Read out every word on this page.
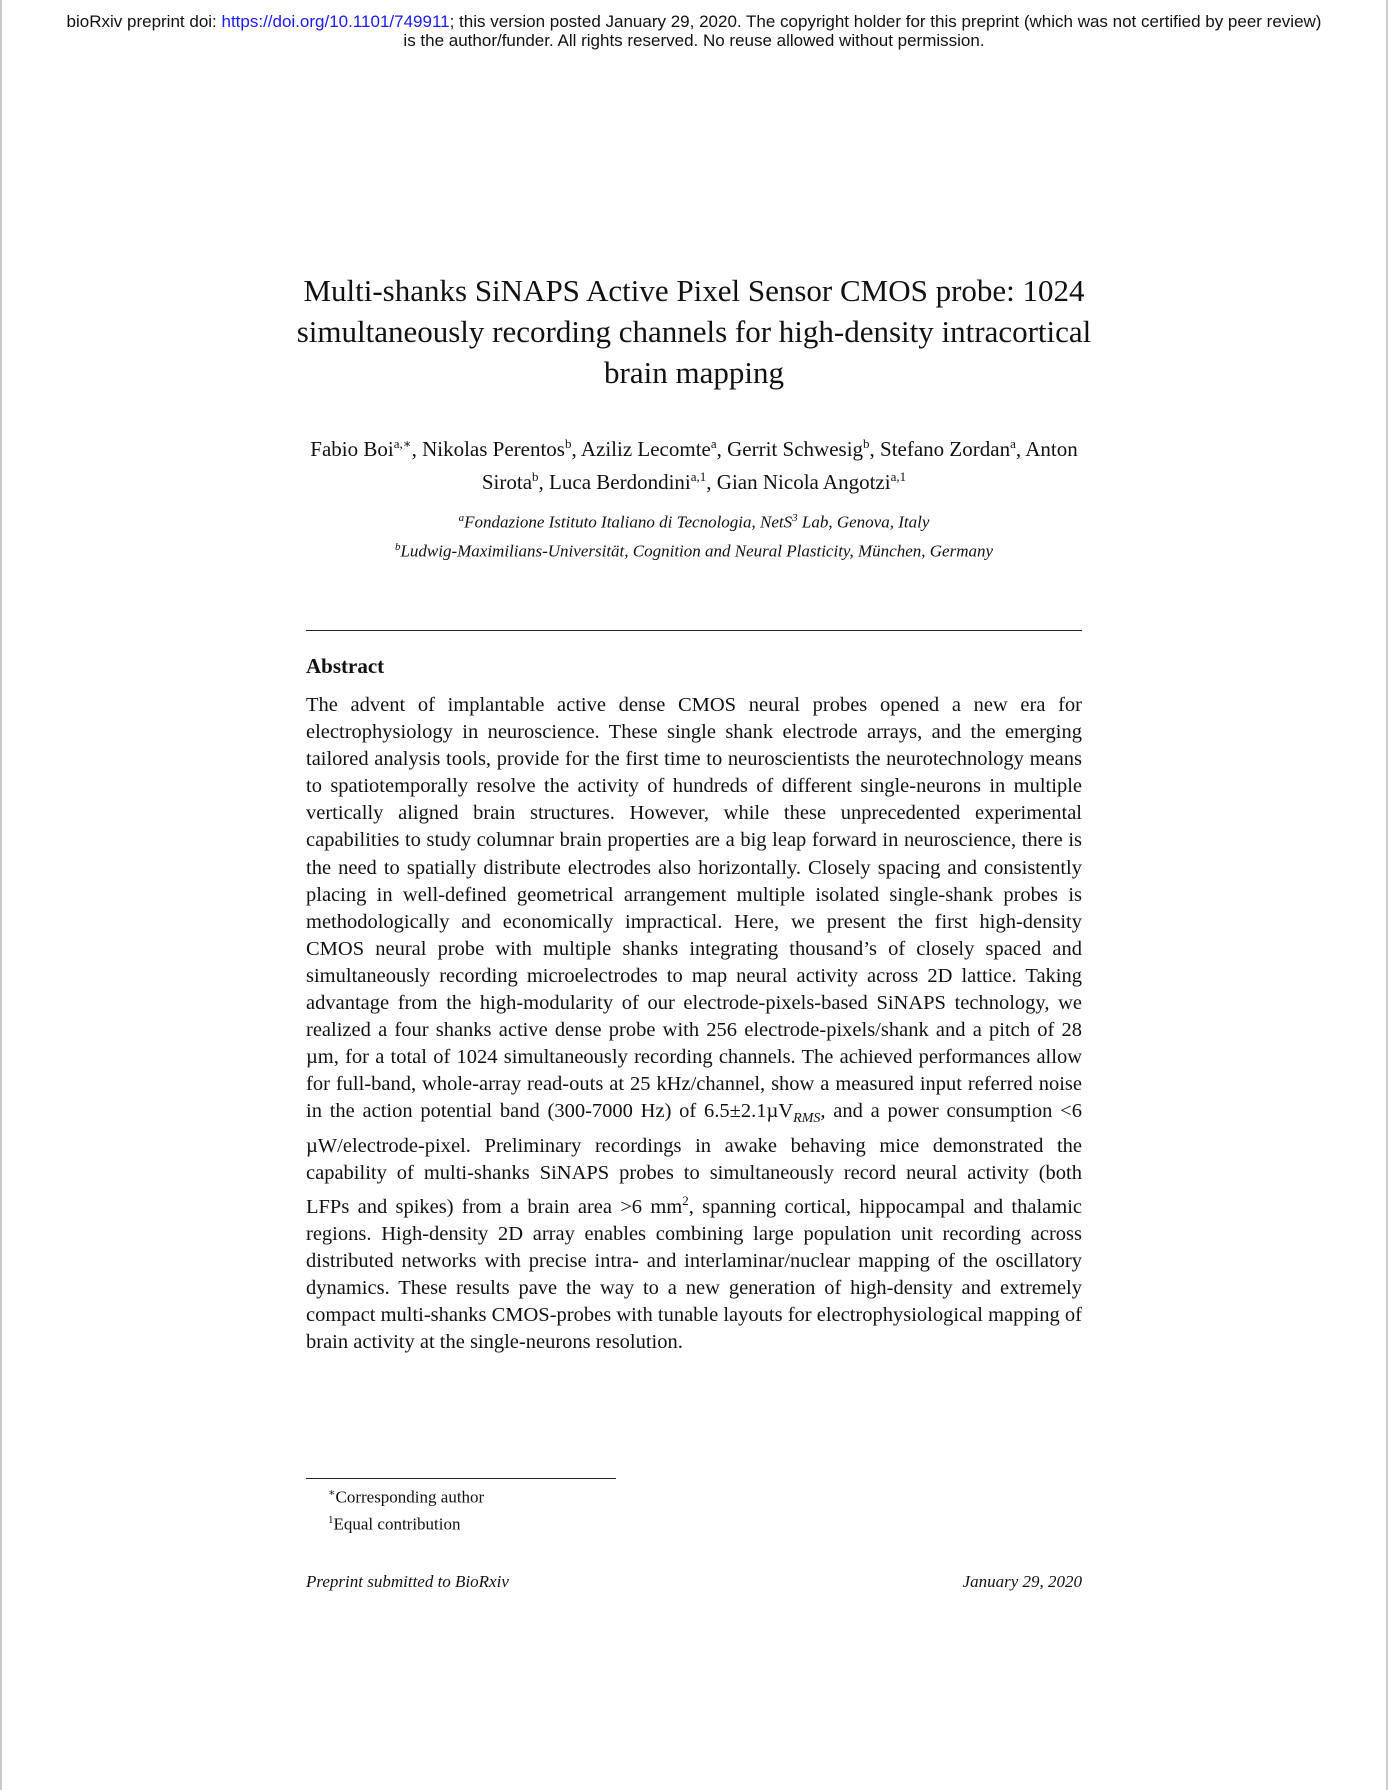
bioRxiv preprint doi: https://doi.org/10.1101/749911; this version posted January 29, 2020. The copyright holder for this preprint (which was not certified by peer review) is the author/funder. All rights reserved. No reuse allowed without permission.
Multi-shanks SiNAPS Active Pixel Sensor CMOS probe: 1024 simultaneously recording channels for high-density intracortical brain mapping
Fabio Boi$^{a,∗}$, Nikolas Perentos$^b$, Aziliz Lecomte$^a$, Gerrit Schwesig$^b$, Stefano Zordan$^a$, Anton Sirota$^b$, Luca Berdondini$^{a,1}$, Gian Nicola Angotzi$^{a,1}$
$^a$Fondazione Istituto Italiano di Tecnologia, NetS$^3$ Lab, Genova, Italy
$^b$Ludwig-Maximilians-Universität, Cognition and Neural Plasticity, München, Germany
Abstract

The advent of implantable active dense CMOS neural probes opened a new era for electrophysiology in neuroscience. These single shank electrode arrays, and the emerging tailored analysis tools, provide for the first time to neuroscientists the neurotechnology means to spatiotemporally resolve the activity of hundreds of different single-neurons in multiple vertically aligned brain structures. However, while these unprecedented experimental capabilities to study columnar brain properties are a big leap forward in neuroscience, there is the need to spatially distribute electrodes also horizontally. Closely spacing and consistently placing in well-defined geometrical arrangement multiple isolated single-shank probes is methodologically and economically impractical. Here, we present the first high-density CMOS neural probe with multiple shanks integrating thousand’s of closely spaced and simultaneously recording microelectrodes to map neural activity across 2D lattice. Taking advantage from the high-modularity of our electrode-pixels-based SiNAPS technology, we realized a four shanks active dense probe with 256 electrode-pixels/shank and a pitch of 28 µm, for a total of 1024 simultaneously recording channels. The achieved performances allow for full-band, whole-array read-outs at 25 kHz/channel, show a measured input referred noise in the action potential band (300-7000 Hz) of 6.5±2.1µV$_{RMS}$, and a power consumption <6 µW/electrode-pixel. Preliminary recordings in awake behaving mice demonstrated the capability of multi-shanks SiNAPS probes to simultaneously record neural activity (both LFPs and spikes) from a brain area >6 $mm^2$, spanning cortical, hippocampal and thalamic regions. High-density 2D array enables combining large population unit recording across distributed networks with precise intra- and interlaminar/nuclear mapping of the oscillatory dynamics. These results pave the way to a new generation of high-density and extremely compact multi-shanks CMOS-probes with tunable layouts for electrophysiological mapping of brain activity at the single-neurons resolution.

∗Corresponding author
$^1$Equal contribution
Preprint submitted to BioRxiv	January 29, 2020
